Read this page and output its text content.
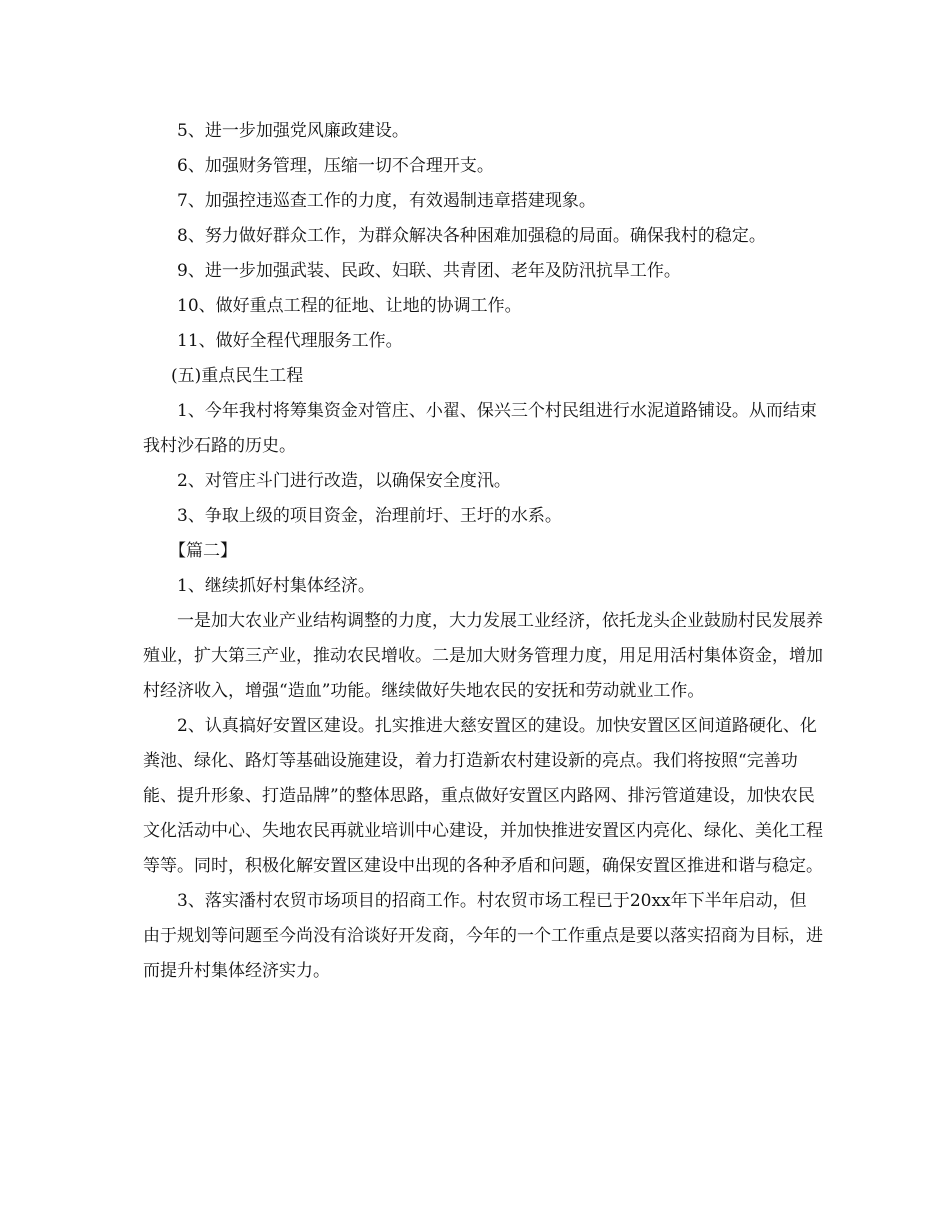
5、进一步加强党风廉政建设。

6、加强财务管理，压缩一切不合理开支。

7、加强控违巡查工作的力度，有效遏制违章搭建现象。

8、努力做好群众工作，为群众解决各种困难加强稳的局面。确保我村的稳定。

9、进一步加强武装、民政、妇联、共青团、老年及防汛抗旱工作。

10、做好重点工程的征地、让地的协调工作。

11、做好全程代理服务工作。

(五)重点民生工程

1、今年我村将筹集资金对管庄、小翟、保兴三个村民组进行水泥道路铺设。从而结束我村沙石路的历史。

2、对管庄斗门进行改造，以确保安全度汛。

3、争取上级的项目资金，治理前圩、王圩的水系。

【篇二】

1、继续抓好村集体经济。

一是加大农业产业结构调整的力度，大力发展工业经济，依托龙头企业鼓励村民发展养殖业，扩大第三产业，推动农民增收。二是加大财务管理力度，用足用活村集体资金，增加村经济收入，增强“造血”功能。继续做好失地农民的安抚和劳动就业工作。

2、认真搞好安置区建设。扎实推进大慈安置区的建设。加快安置区区间道路硬化、化粪池、绿化、路灯等基础设施建设，着力打造新农村建设新的亮点。我们将按照“完善功能、提升形象、打造品牌”的整体思路，重点做好安置区内路网、排污管道建设，加快农民文化活动中心、失地农民再就业培训中心建设，并加快推进安置区内亮化、绿化、美化工程等等。同时，积极化解安置区建设中出现的各种矛盾和问题，确保安置区推进和谐与稳定。

3、落实潘村农贸市场项目的招商工作。村农贸市场工程已于20xx年下半年启动，但由于规划等问题至今尚没有洽谈好开发商，今年的一个工作重点是要以落实招商为目标，进而提升村集体经济实力。
